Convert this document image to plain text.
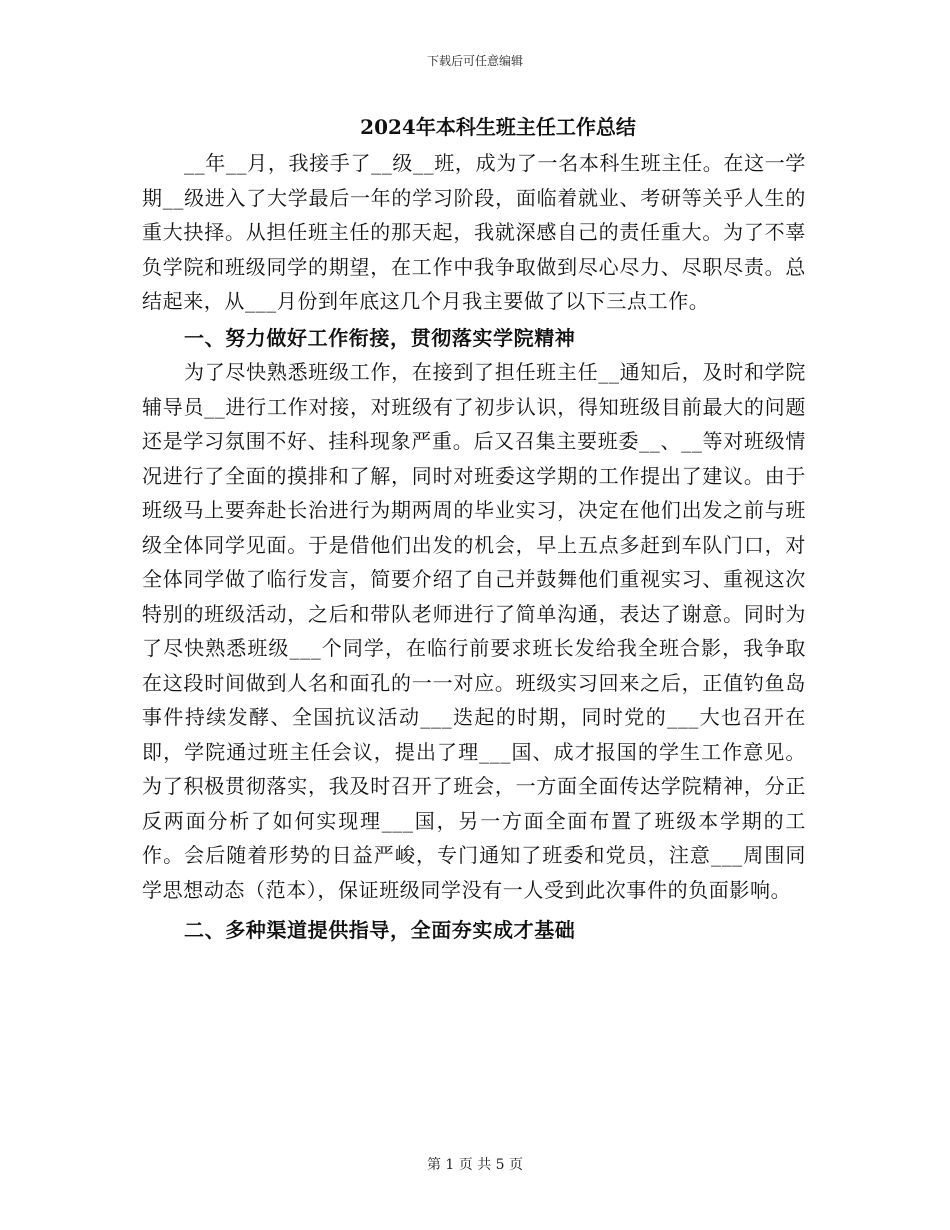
下载后可任意编辑
2024年本科生班主任工作总结

__年__月，我接手了__级__班，成为了一名本科生班主任。在这一学期__级进入了大学最后一年的学习阶段，面临着就业、考研等关乎人生的重大抉择。从担任班主任的那天起，我就深感自己的责任重大。为了不辜负学院和班级同学的期望，在工作中我争取做到尽心尽力、尽职尽责。总结起来，从___月份到年底这几个月我主要做了以下三点工作。

一、努力做好工作衔接，贯彻落实学院精神

为了尽快熟悉班级工作，在接到了担任班主任__通知后，及时和学院辅导员__进行工作对接，对班级有了初步认识，得知班级目前最大的问题还是学习氛围不好、挂科现象严重。后又召集主要班委__、__等对班级情况进行了全面的摸排和了解，同时对班委这学期的工作提出了建议。由于班级马上要奔赴长治进行为期两周的毕业实习，决定在他们出发之前与班级全体同学见面。于是借他们出发的机会，早上五点多赶到车队门口，对全体同学做了临行发言，简要介绍了自己并鼓舞他们重视实习、重视这次特别的班级活动，之后和带队老师进行了简单沟通，表达了谢意。同时为了尽快熟悉班级___个同学，在临行前要求班长发给我全班合影，我争取在这段时间做到人名和面孔的一一对应。班级实习回来之后，正值钓鱼岛事件持续发酵、全国抗议活动___迭起的时期，同时党的___大也召开在即，学院通过班主任会议，提出了理___国、成才报国的学生工作意见。为了积极贯彻落实，我及时召开了班会，一方面全面传达学院精神，分正反两面分析了如何实现理___国，另一方面全面布置了班级本学期的工作。会后随着形势的日益严峻，专门通知了班委和党员，注意___周围同学思想动态（范本），保证班级同学没有一人受到此次事件的负面影响。

二、多种渠道提供指导，全面夯实成才基础
第 1 页 共 5 页
